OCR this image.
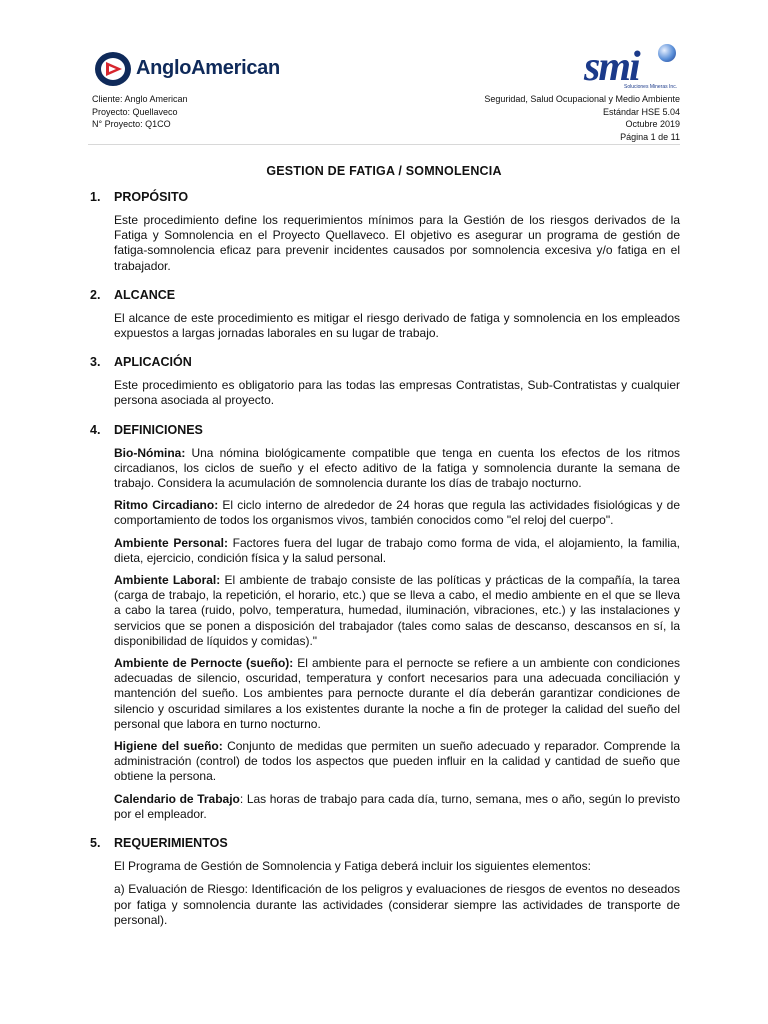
AngloAmerican	smi
Soluciones Mineras Inc.
Cliente: Anglo American
Proyecto: Quellaveco
N° Proyecto: Q1CO
Seguridad, Salud Ocupacional y Medio Ambiente
Estándar HSE 5.04
Octubre 2019
Página 1 de 11
GESTION DE FATIGA / SOMNOLENCIA
1.	PROPÓSITO
Este procedimiento define los requerimientos mínimos para la Gestión de los riesgos derivados de la Fatiga y Somnolencia en el Proyecto Quellaveco. El objetivo es asegurar un programa de gestión de fatiga-somnolencia eficaz para prevenir incidentes causados por somnolencia excesiva y/o fatiga en el trabajador.
2.	ALCANCE
El alcance de este procedimiento es mitigar el riesgo derivado de fatiga y somnolencia en los empleados expuestos a largas jornadas laborales en su lugar de trabajo.
3.	APLICACIÓN
Este procedimiento es obligatorio para las todas las empresas Contratistas, Sub-Contratistas y cualquier persona asociada al proyecto.
4.	DEFINICIONES
Bio-Nómina: Una nómina biológicamente compatible que tenga en cuenta los efectos de los ritmos circadianos, los ciclos de sueño y el efecto aditivo de la fatiga y somnolencia durante la semana de trabajo. Considera la acumulación de somnolencia durante los días de trabajo nocturno.
Ritmo Circadiano: El ciclo interno de alrededor de 24 horas que regula las actividades fisiológicas y de comportamiento de todos los organismos vivos, también conocidos como "el reloj del cuerpo".
Ambiente Personal: Factores fuera del lugar de trabajo como forma de vida, el alojamiento, la familia, dieta, ejercicio, condición física y la salud personal.
Ambiente Laboral: El ambiente de trabajo consiste de las políticas y prácticas de la compañía, la tarea (carga de trabajo, la repetición, el horario, etc.) que se lleva a cabo, el medio ambiente en el que se lleva a cabo la tarea (ruido, polvo, temperatura, humedad, iluminación, vibraciones, etc.) y las instalaciones y servicios que se ponen a disposición del trabajador (tales como salas de descanso, descansos en sí, la disponibilidad de líquidos y comidas)."
Ambiente de Pernocte (sueño): El ambiente para el pernocte se refiere a un ambiente con condiciones adecuadas de silencio, oscuridad, temperatura y confort necesarios para una adecuada conciliación y mantención del sueño. Los ambientes para pernocte durante el día deberán garantizar condiciones de silencio y oscuridad similares a los existentes durante la noche a fin de proteger la calidad del sueño del personal que labora en turno nocturno.
Higiene del sueño: Conjunto de medidas que permiten un sueño adecuado y reparador. Comprende la administración (control) de todos los aspectos que pueden influir en la calidad y cantidad de sueño que obtiene la persona.
Calendario de Trabajo: Las horas de trabajo para cada día, turno, semana, mes o año, según lo previsto por el empleador.
5.	REQUERIMIENTOS
El Programa de Gestión de Somnolencia y Fatiga deberá incluir los siguientes elementos:
a) Evaluación de Riesgo: Identificación de los peligros y evaluaciones de riesgos de eventos no deseados por fatiga y somnolencia durante las actividades (considerar siempre las actividades de transporte de personal).
